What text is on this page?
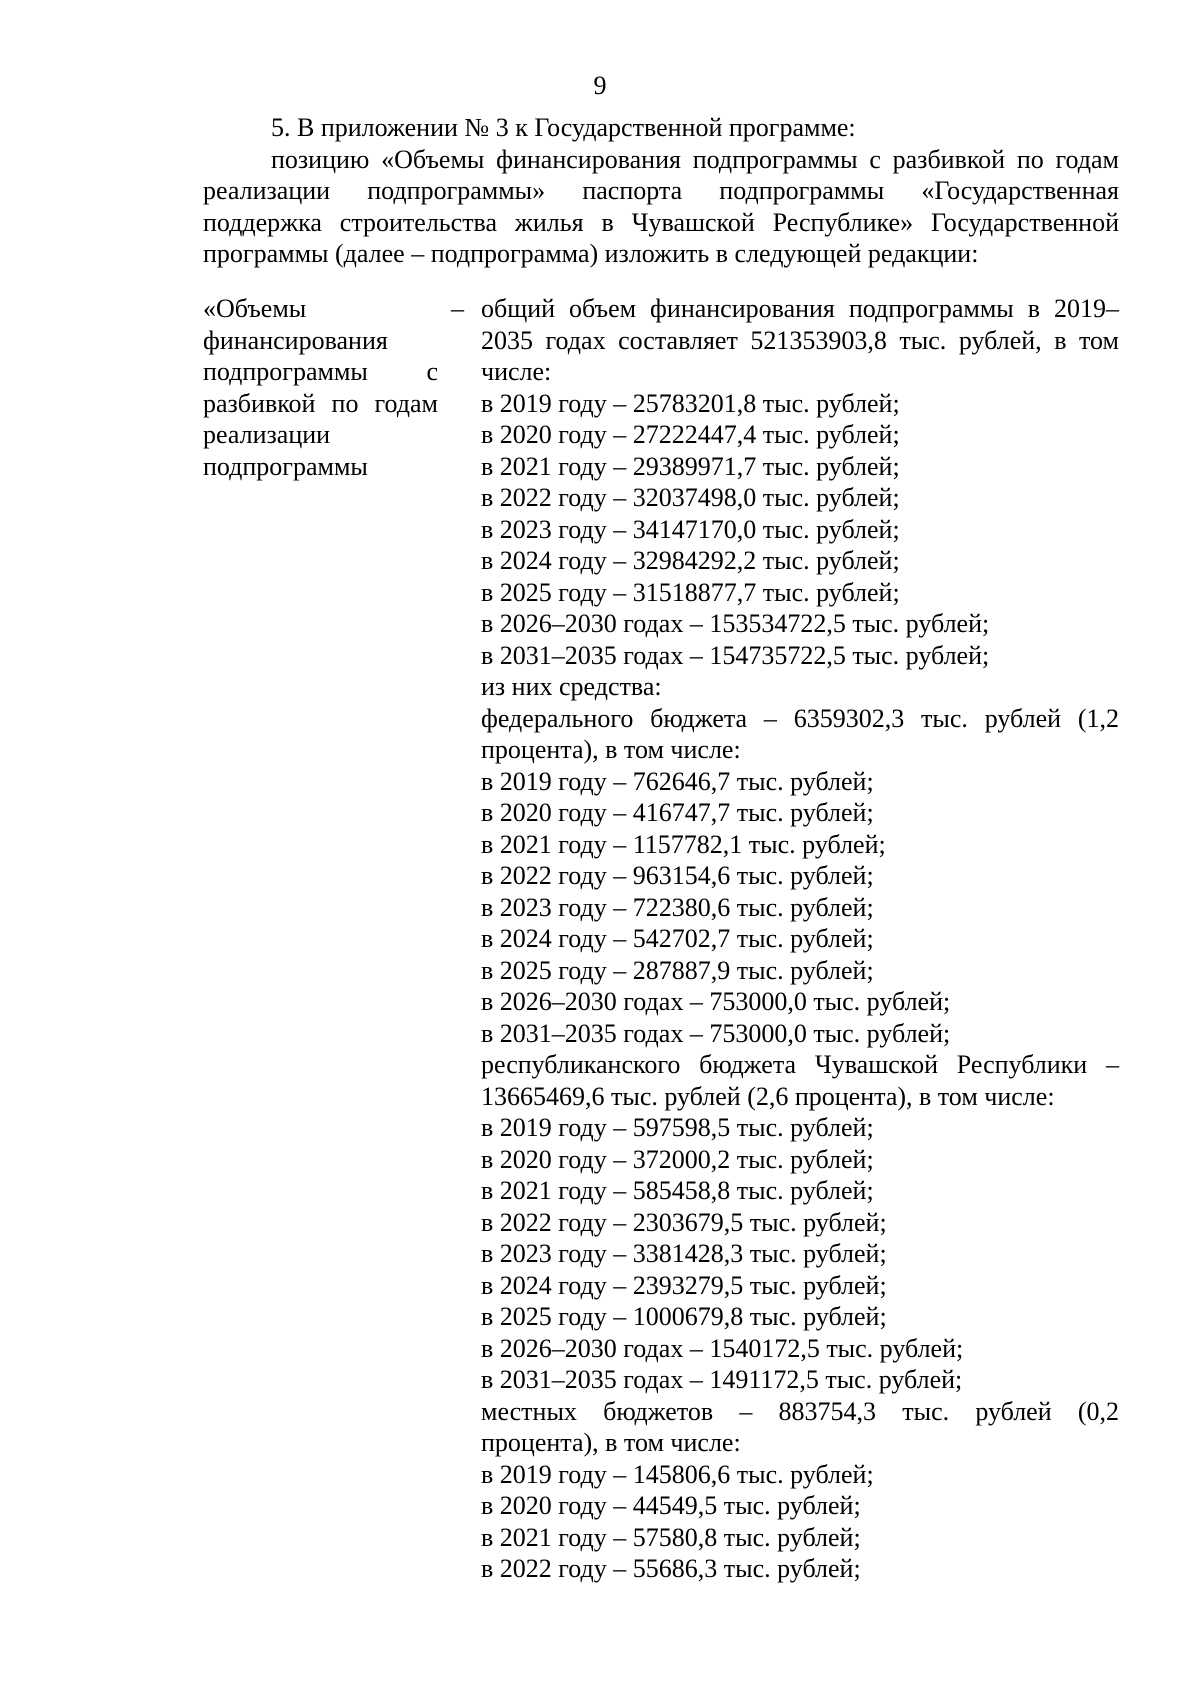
9

5. В приложении № 3 к Государственной программе:

позицию «Объемы финансирования подпрограммы с разбивкой по годам реализации подпрограммы» паспорта подпрограммы «Государственная поддержка строительства жилья в Чувашской Республике» Государственной программы (далее – подпрограмма) изложить в следующей редакции:

«Объемы финансирования подпрограммы с разбивкой по годам реализации подпрограммы
– общий объем финансирования подпрограммы в 2019–2035 годах составляет 521353903,8 тыс. рублей, в том числе:
в 2019 году – 25783201,8 тыс. рублей;
в 2020 году – 27222447,4 тыс. рублей;
в 2021 году – 29389971,7 тыс. рублей;
в 2022 году – 32037498,0 тыс. рублей;
в 2023 году – 34147170,0 тыс. рублей;
в 2024 году – 32984292,2 тыс. рублей;
в 2025 году – 31518877,7 тыс. рублей;
в 2026–2030 годах – 153534722,5 тыс. рублей;
в 2031–2035 годах – 154735722,5 тыс. рублей;
из них средства:
федерального бюджета – 6359302,3 тыс. рублей (1,2 процента), в том числе:
в 2019 году – 762646,7 тыс. рублей;
в 2020 году – 416747,7 тыс. рублей;
в 2021 году – 1157782,1 тыс. рублей;
в 2022 году – 963154,6 тыс. рублей;
в 2023 году – 722380,6 тыс. рублей;
в 2024 году – 542702,7 тыс. рублей;
в 2025 году – 287887,9 тыс. рублей;
в 2026–2030 годах – 753000,0 тыс. рублей;
в 2031–2035 годах – 753000,0 тыс. рублей;
республиканского бюджета Чувашской Республики – 13665469,6 тыс. рублей (2,6 процента), в том числе:
в 2019 году – 597598,5 тыс. рублей;
в 2020 году – 372000,2 тыс. рублей;
в 2021 году – 585458,8 тыс. рублей;
в 2022 году – 2303679,5 тыс. рублей;
в 2023 году – 3381428,3 тыс. рублей;
в 2024 году – 2393279,5 тыс. рублей;
в 2025 году – 1000679,8 тыс. рублей;
в 2026–2030 годах – 1540172,5 тыс. рублей;
в 2031–2035 годах – 1491172,5 тыс. рублей;
местных бюджетов – 883754,3 тыс. рублей (0,2 процента), в том числе:
в 2019 году – 145806,6 тыс. рублей;
в 2020 году – 44549,5 тыс. рублей;
в 2021 году – 57580,8 тыс. рублей;
в 2022 году – 55686,3 тыс. рублей;
